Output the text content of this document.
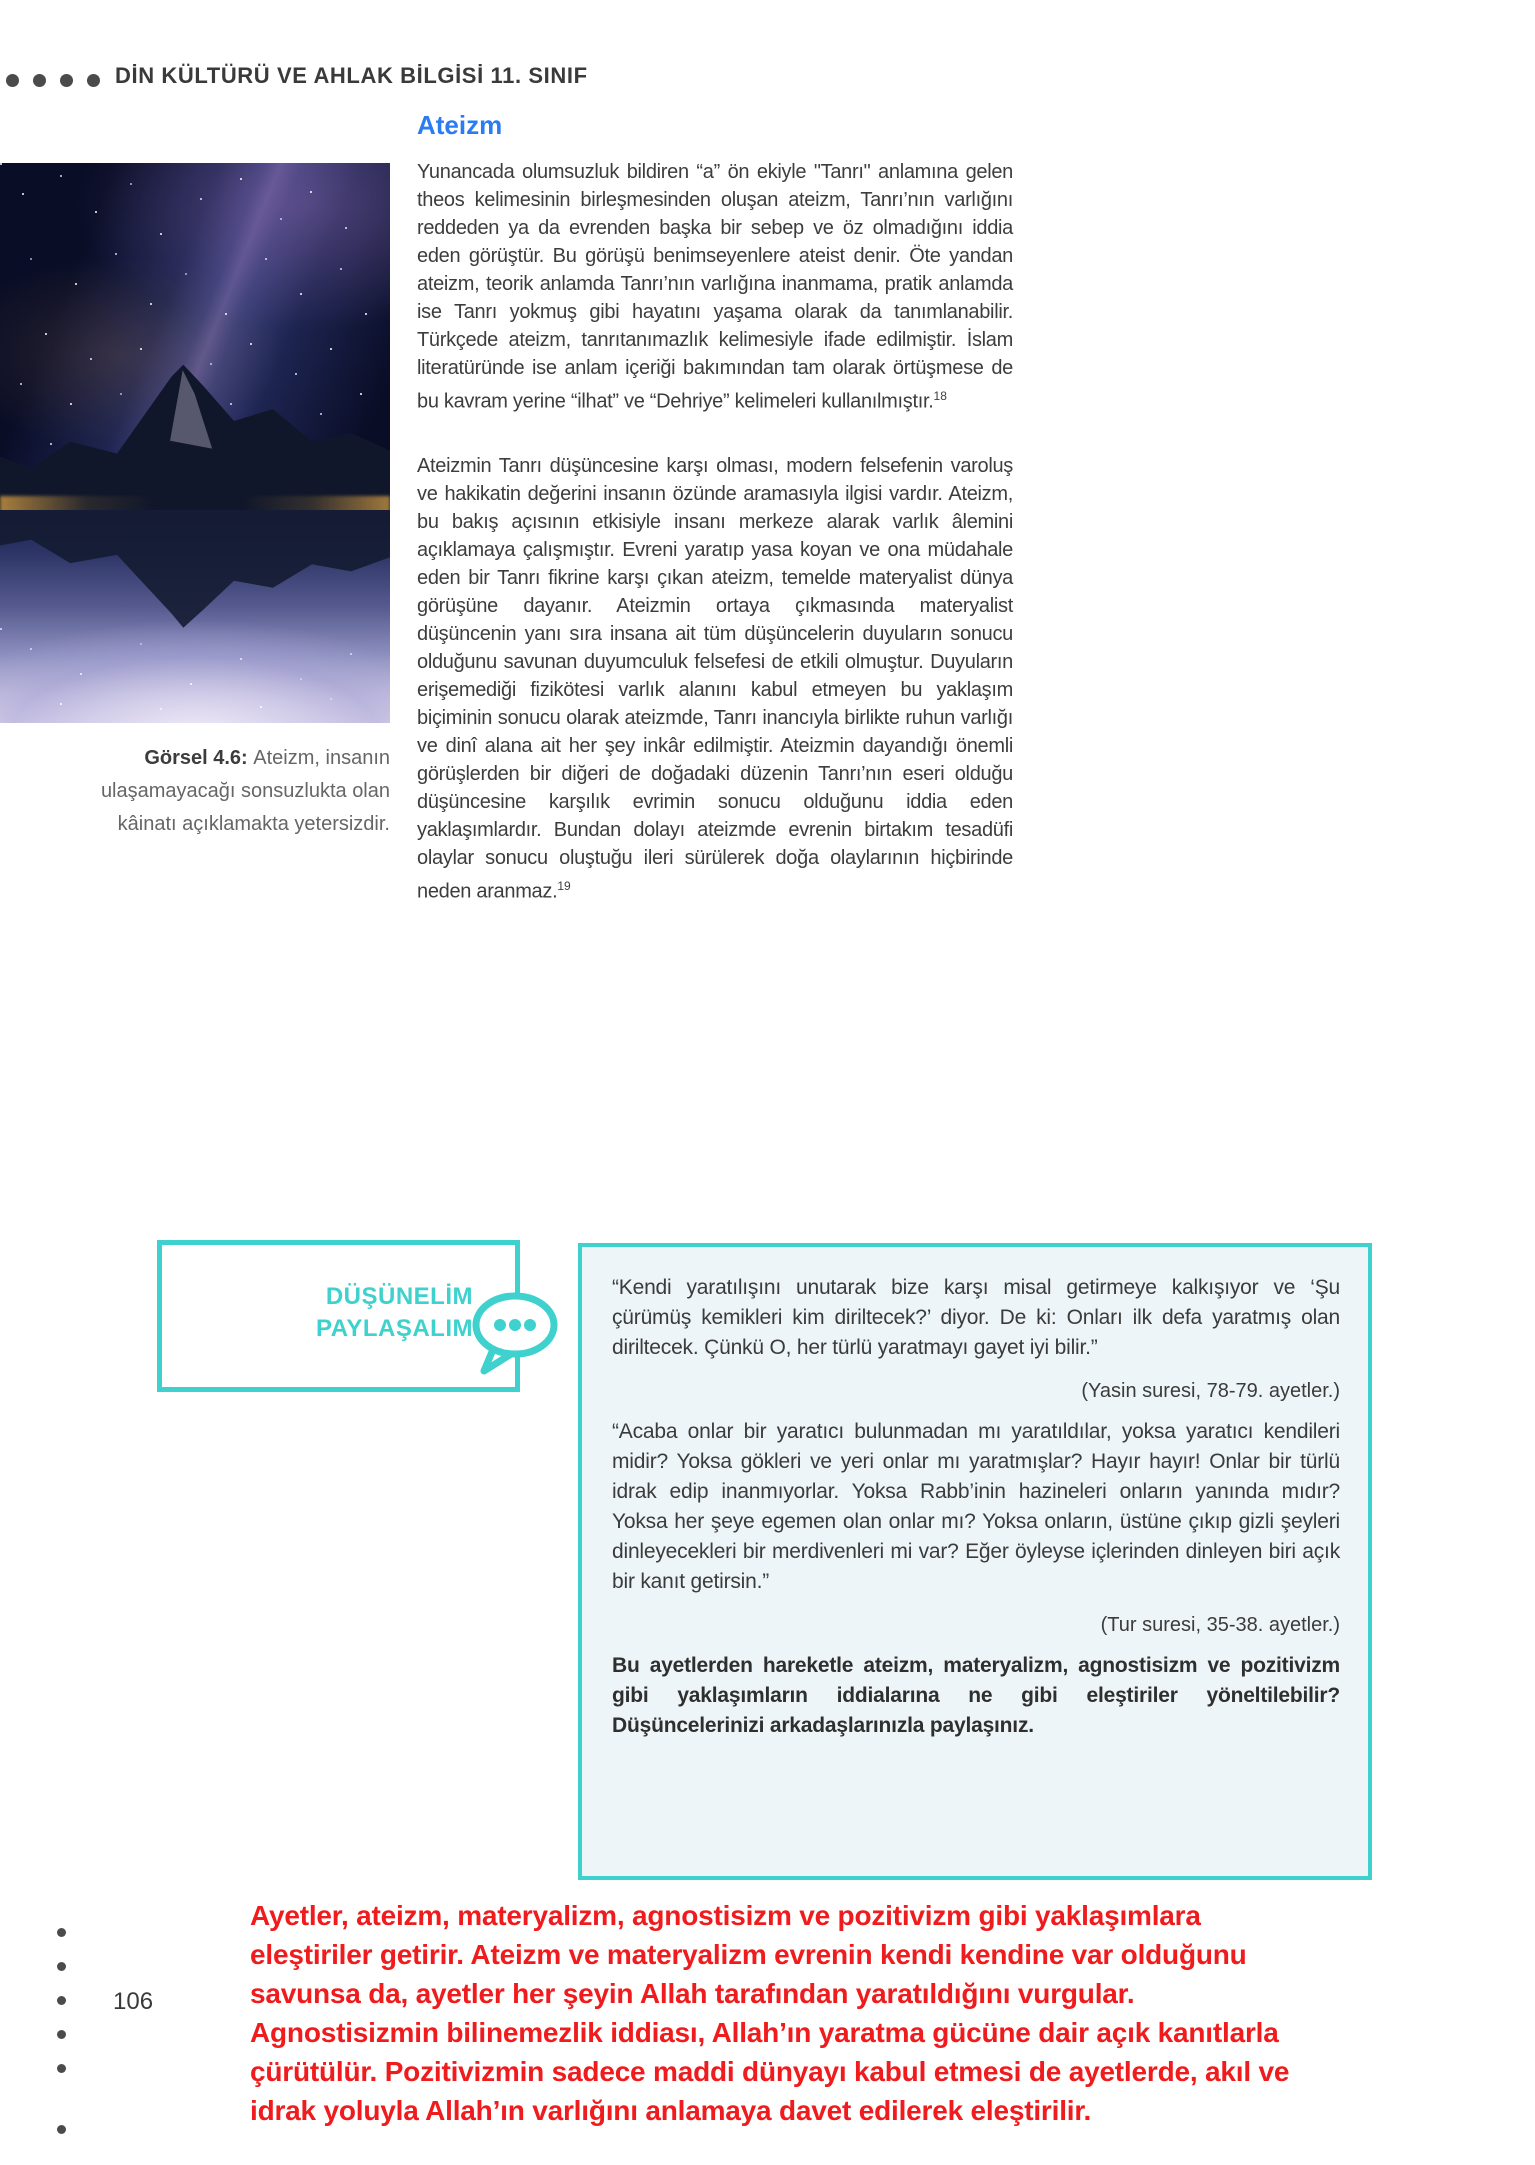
DİN KÜLTÜRÜ VE AHLAK BİLGİSİ 11. SINIF

Görsel 4.6: Ateizm, insanın ulaşamayacağı sonsuzlukta olan kâinatı açıklamakta yetersizdir.

Ateizm

Yunancada olumsuzluk bildiren “a” ön ekiyle "Tanrı" anlamına gelen theos kelimesinin birleşmesinden oluşan ateizm, Tanrı’nın varlığını reddeden ya da evrenden başka bir sebep ve öz olmadığını iddia eden görüştür. Bu görüşü benimseyenlere ateist denir. Öte yandan ateizm, teorik anlamda Tanrı’nın varlığına inanmama, pratik anlamda ise Tanrı yokmuş gibi hayatını yaşama olarak da tanımlanabilir. Türkçede ateizm, tanrıtanımazlık kelimesiyle ifade edilmiştir. İslam literatüründe ise anlam içeriği bakımından tam olarak örtüşmese de bu kavram yerine “ilhat” ve “Dehriye” kelimeleri kullanılmıştır.$^{18}$

Ateizmin Tanrı düşüncesine karşı olması, modern felsefenin varoluş ve hakikatin değerini insanın özünde aramasıyla ilgisi vardır. Ateizm, bu bakış açısının etkisiyle insanı merkeze alarak varlık âlemini açıklamaya çalışmıştır. Evreni yaratıp yasa koyan ve ona müdahale eden bir Tanrı fikrine karşı çıkan ateizm, temelde materyalist dünya görüşüne dayanır. Ateizmin ortaya çıkmasında materyalist düşüncenin yanı sıra insana ait tüm düşüncelerin duyuların sonucu olduğunu savunan duyumculuk felsefesi de etkili olmuştur. Duyuların erişemediği fizikötesi varlık alanını kabul etmeyen bu yaklaşım biçiminin sonucu olarak ateizmde, Tanrı inancıyla birlikte ruhun varlığı ve dinî alana ait her şey inkâr edilmiştir. Ateizmin dayandığı önemli görüşlerden bir diğeri de doğadaki düzenin Tanrı’nın eseri olduğu düşüncesine karşılık evrimin sonucu olduğunu iddia eden yaklaşımlardır. Bundan dolayı ateizmde evrenin birtakım tesadüfi olaylar sonucu oluştuğu ileri sürülerek doğa olaylarının hiçbirinde neden aranmaz.$^{19}$

DÜŞÜNELİM
PAYLAŞALIM

“Kendi yaratılışını unutarak bize karşı misal getirmeye kalkışıyor ve ‘Şu çürümüş kemikleri kim diriltecek?’ diyor. De ki: Onları ilk defa yaratmış olan diriltecek. Çünkü O, her türlü yaratmayı gayet iyi bilir.”

(Yasin suresi, 78-79. ayetler.)

“Acaba onlar bir yaratıcı bulunmadan mı yaratıldılar, yoksa yaratıcı kendileri midir? Yoksa gökleri ve yeri onlar mı yaratmışlar? Hayır hayır! Onlar bir türlü idrak edip inanmıyorlar. Yoksa Rabb’inin hazineleri onların yanında mıdır? Yoksa her şeye egemen olan onlar mı? Yoksa onların, üstüne çıkıp gizli şeyleri dinleyecekleri bir merdivenleri mi var? Eğer öyleyse içlerinden dinleyen biri açık bir kanıt getirsin.”

(Tur suresi, 35-38. ayetler.)

Bu ayetlerden hareketle ateizm, materyalizm, agnostisizm ve pozitivizm gibi yaklaşımların iddialarına ne gibi eleştiriler yöneltilebilir? Düşüncelerinizi arkadaşlarınızla paylaşınız.

Ayetler, ateizm, materyalizm, agnostisizm ve pozitivizm gibi yaklaşımlara eleştiriler getirir. Ateizm ve materyalizm evrenin kendi kendine var olduğunu savunsa da, ayetler her şeyin Allah tarafından yaratıldığını vurgular. Agnostisizmin bilinemezlik iddiası, Allah’ın yaratma gücüne dair açık kanıtlarla çürütülür. Pozitivizmin sadece maddi dünyayı kabul etmesi de ayetlerde, akıl ve idrak yoluyla Allah’ın varlığını anlamaya davet edilerek eleştirilir.
106
